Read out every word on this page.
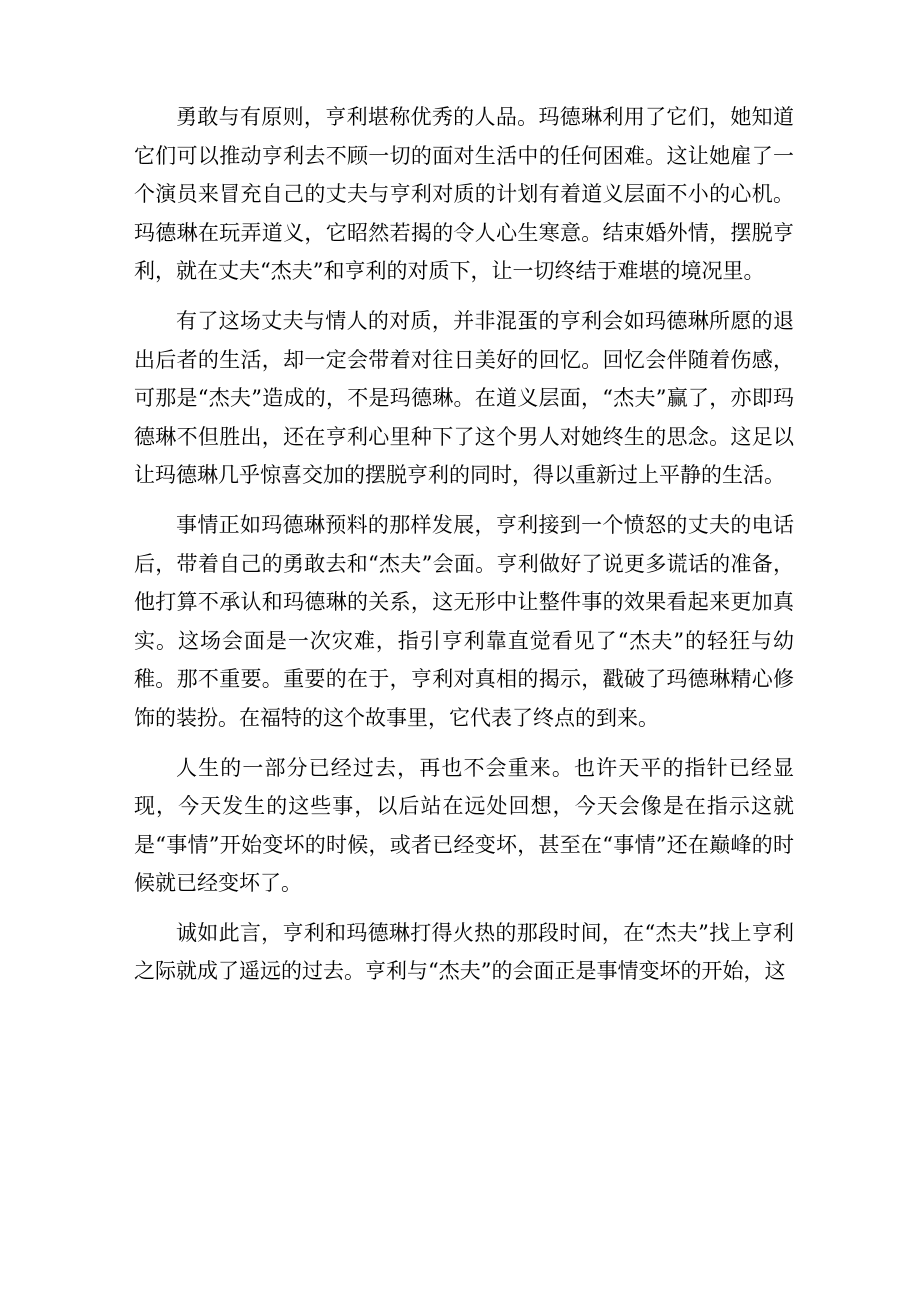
勇敢与有原则，亨利堪称优秀的人品。玛德琳利用了它们，她知道它们可以推动亨利去不顾一切的面对生活中的任何困难。这让她雇了一个演员来冒充自己的丈夫与亨利对质的计划有着道义层面不小的心机。玛德琳在玩弄道义，它昭然若揭的令人心生寒意。结束婚外情，摆脱亨利，就在丈夫“杰夫”和亨利的对质下，让一切终结于难堪的境况里。

有了这场丈夫与情人的对质，并非混蛋的亨利会如玛德琳所愿的退出后者的生活，却一定会带着对往日美好的回忆。回忆会伴随着伤感，可那是“杰夫”造成的，不是玛德琳。在道义层面，“杰夫”赢了，亦即玛德琳不但胜出，还在亨利心里种下了这个男人对她终生的思念。这足以让玛德琳几乎惊喜交加的摆脱亨利的同时，得以重新过上平静的生活。

事情正如玛德琳预料的那样发展，亨利接到一个愤怒的丈夫的电话后，带着自己的勇敢去和“杰夫”会面。亨利做好了说更多谎话的准备，他打算不承认和玛德琳的关系，这无形中让整件事的效果看起来更加真实。这场会面是一次灾难，指引亨利靠直觉看见了“杰夫”的轻狂与幼稚。那不重要。重要的在于，亨利对真相的揭示，戳破了玛德琳精心修饰的装扮。在福特的这个故事里，它代表了终点的到来。

人生的一部分已经过去，再也不会重来。也许天平的指针已经显现，今天发生的这些事，以后站在远处回想，今天会像是在指示这就是“事情”开始变坏的时候，或者已经变坏，甚至在“事情”还在巅峰的时候就已经变坏了。

诚如此言，亨利和玛德琳打得火热的那段时间，在“杰夫”找上亨利之际就成了遥远的过去。亨利与“杰夫”的会面正是事情变坏的开始，这
